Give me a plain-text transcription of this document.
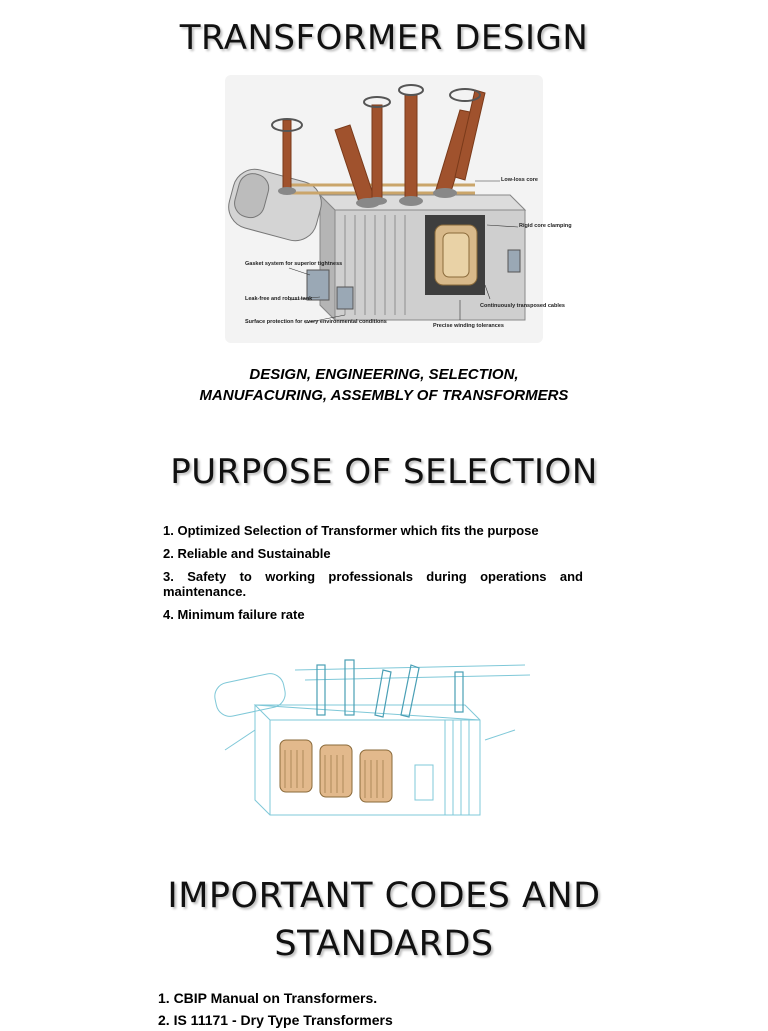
TRANSFORMER DESIGN
Low-loss core
Rigid core clamping
Gasket system for superior tightness
Leak-free and robust tank
Surface protection for every environmental conditions
Precise winding tolerances
Continuously transposed cables
DESIGN, ENGINEERING, SELECTION,
MANUFACURING, ASSEMBLY OF TRANSFORMERS
PURPOSE OF SELECTION
1. Optimized Selection of Transformer which fits the purpose
2. Reliable and Sustainable
3. Safety to working professionals during operations and maintenance.
4. Minimum failure rate
IMPORTANT CODES AND
STANDARDS
1. CBIP Manual on Transformers.
2. IS 11171 - Dry Type Transformers
